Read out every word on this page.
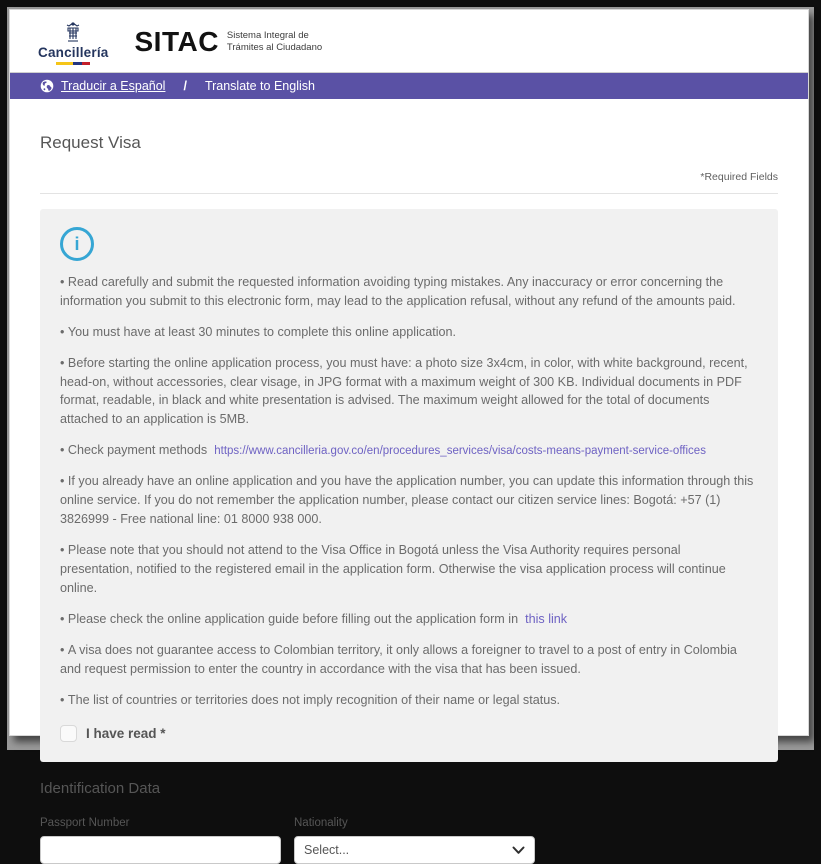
Cancillería SITAC Sistema Integral de
Trámites al Ciudadano
Traducir a Español / Translate to English
Request Visa
*Required Fields
i
• Read carefully and submit the requested information avoiding typing mistakes. Any inaccuracy or error concerning the information you submit to this electronic form, may lead to the application refusal, without any refund of the amounts paid.
• You must have at least 30 minutes to complete this online application.
• Before starting the online application process, you must have: a photo size 3x4cm, in color, with white background, recent, head-on, without accessories, clear visage, in JPG format with a maximum weight of 300 KB. Individual documents in PDF format, readable, in black and white presentation is advised. The maximum weight allowed for the total of documents attached to an application is 5MB.
• Check payment methods https://www.cancilleria.gov.co/en/procedures_services/visa/costs-means-payment-service-offices
• If you already have an online application and you have the application number, you can update this information through this online service. If you do not remember the application number, please contact our citizen service lines: Bogotá: +57 (1) 3826999 - Free national line: 01 8000 938 000.
• Please note that you should not attend to the Visa Office in Bogotá unless the Visa Authority requires personal presentation, notified to the registered email in the application form. Otherwise the visa application process will continue online.
• Please check the online application guide before filling out the application form in this link
• A visa does not guarantee access to Colombian territory, it only allows a foreigner to travel to a post of entry in Colombia and request permission to enter the country in accordance with the visa that has been issued.
• The list of countries or territories does not imply recognition of their name or legal status.
I have read *
Identification Data
Passport Number	Nationality
Select...
